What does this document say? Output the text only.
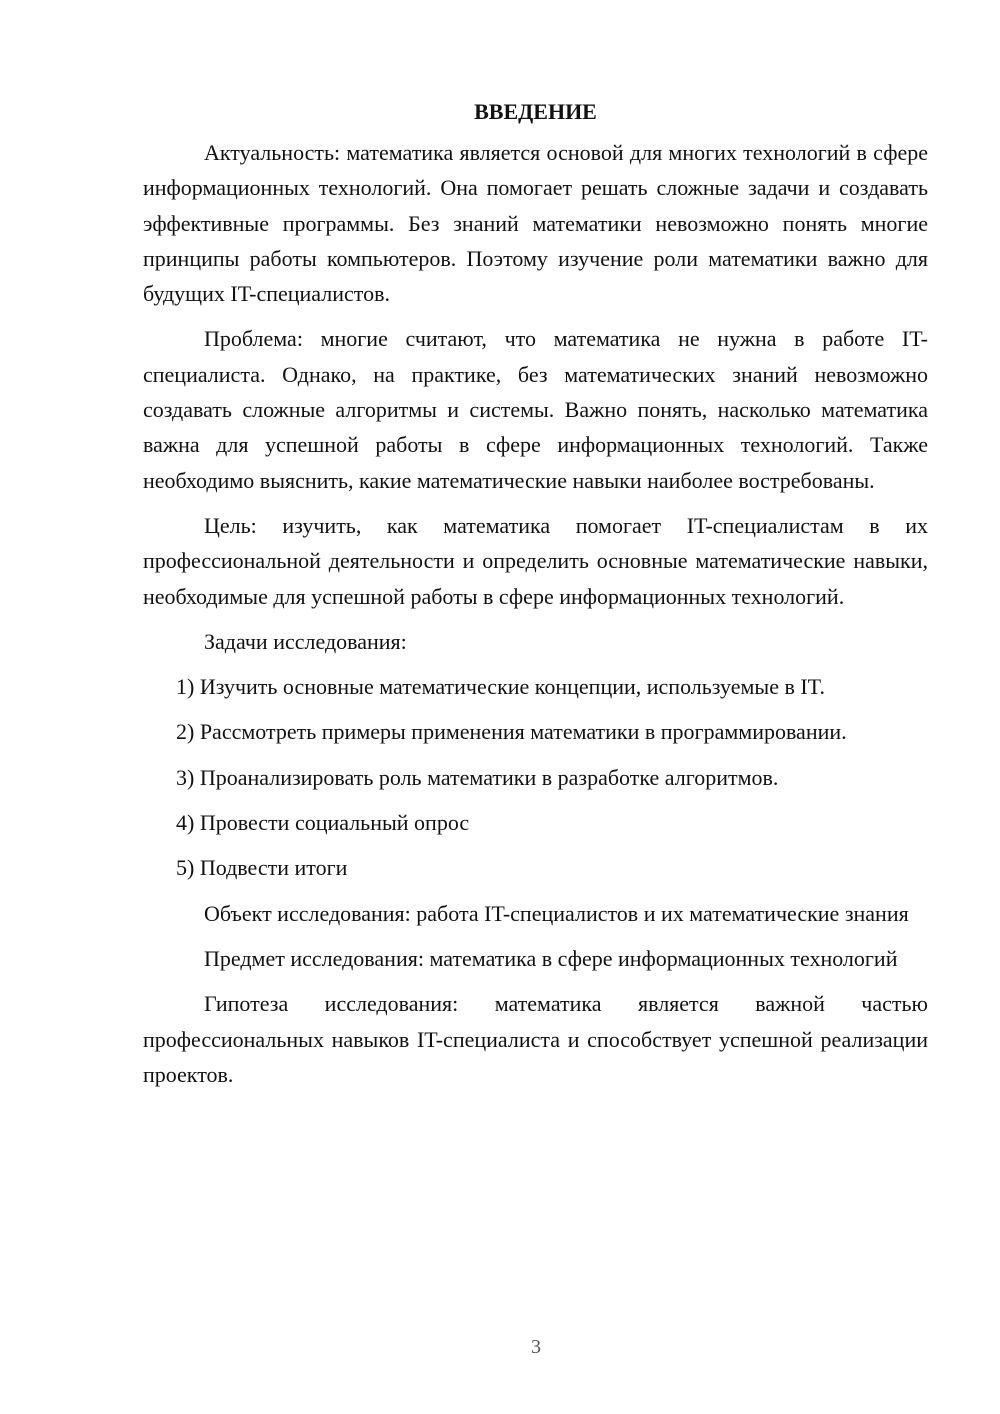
ВВЕДЕНИЕ

Актуальность: математика является основой для многих технологий в сфере информационных технологий. Она помогает решать сложные задачи и создавать эффективные программы. Без знаний математики невозможно понять многие принципы работы компьютеров. Поэтому изучение роли математики важно для будущих IT-специалистов.

Проблема: многие считают, что математика не нужна в работе IT-специалиста. Однако, на практике, без математических знаний невозможно создавать сложные алгоритмы и системы. Важно понять, насколько математика важна для успешной работы в сфере информационных технологий. Также необходимо выяснить, какие математические навыки наиболее востребованы.

Цель: изучить, как математика помогает IT-специалистам в их профессиональной деятельности и определить основные математические навыки, необходимые для успешной работы в сфере информационных технологий.

Задачи исследования:

1) Изучить основные математические концепции, используемые в IT.

2) Рассмотреть примеры применения математики в программировании.

3) Проанализировать роль математики в разработке алгоритмов.

4) Провести социальный опрос

5) Подвести итоги

Объект исследования: работа IT-специалистов и их математические знания

Предмет исследования: математика в сфере информационных технологий

Гипотеза исследования: математика является важной частью профессиональных навыков IT-специалиста и способствует успешной реализации проектов.

3
